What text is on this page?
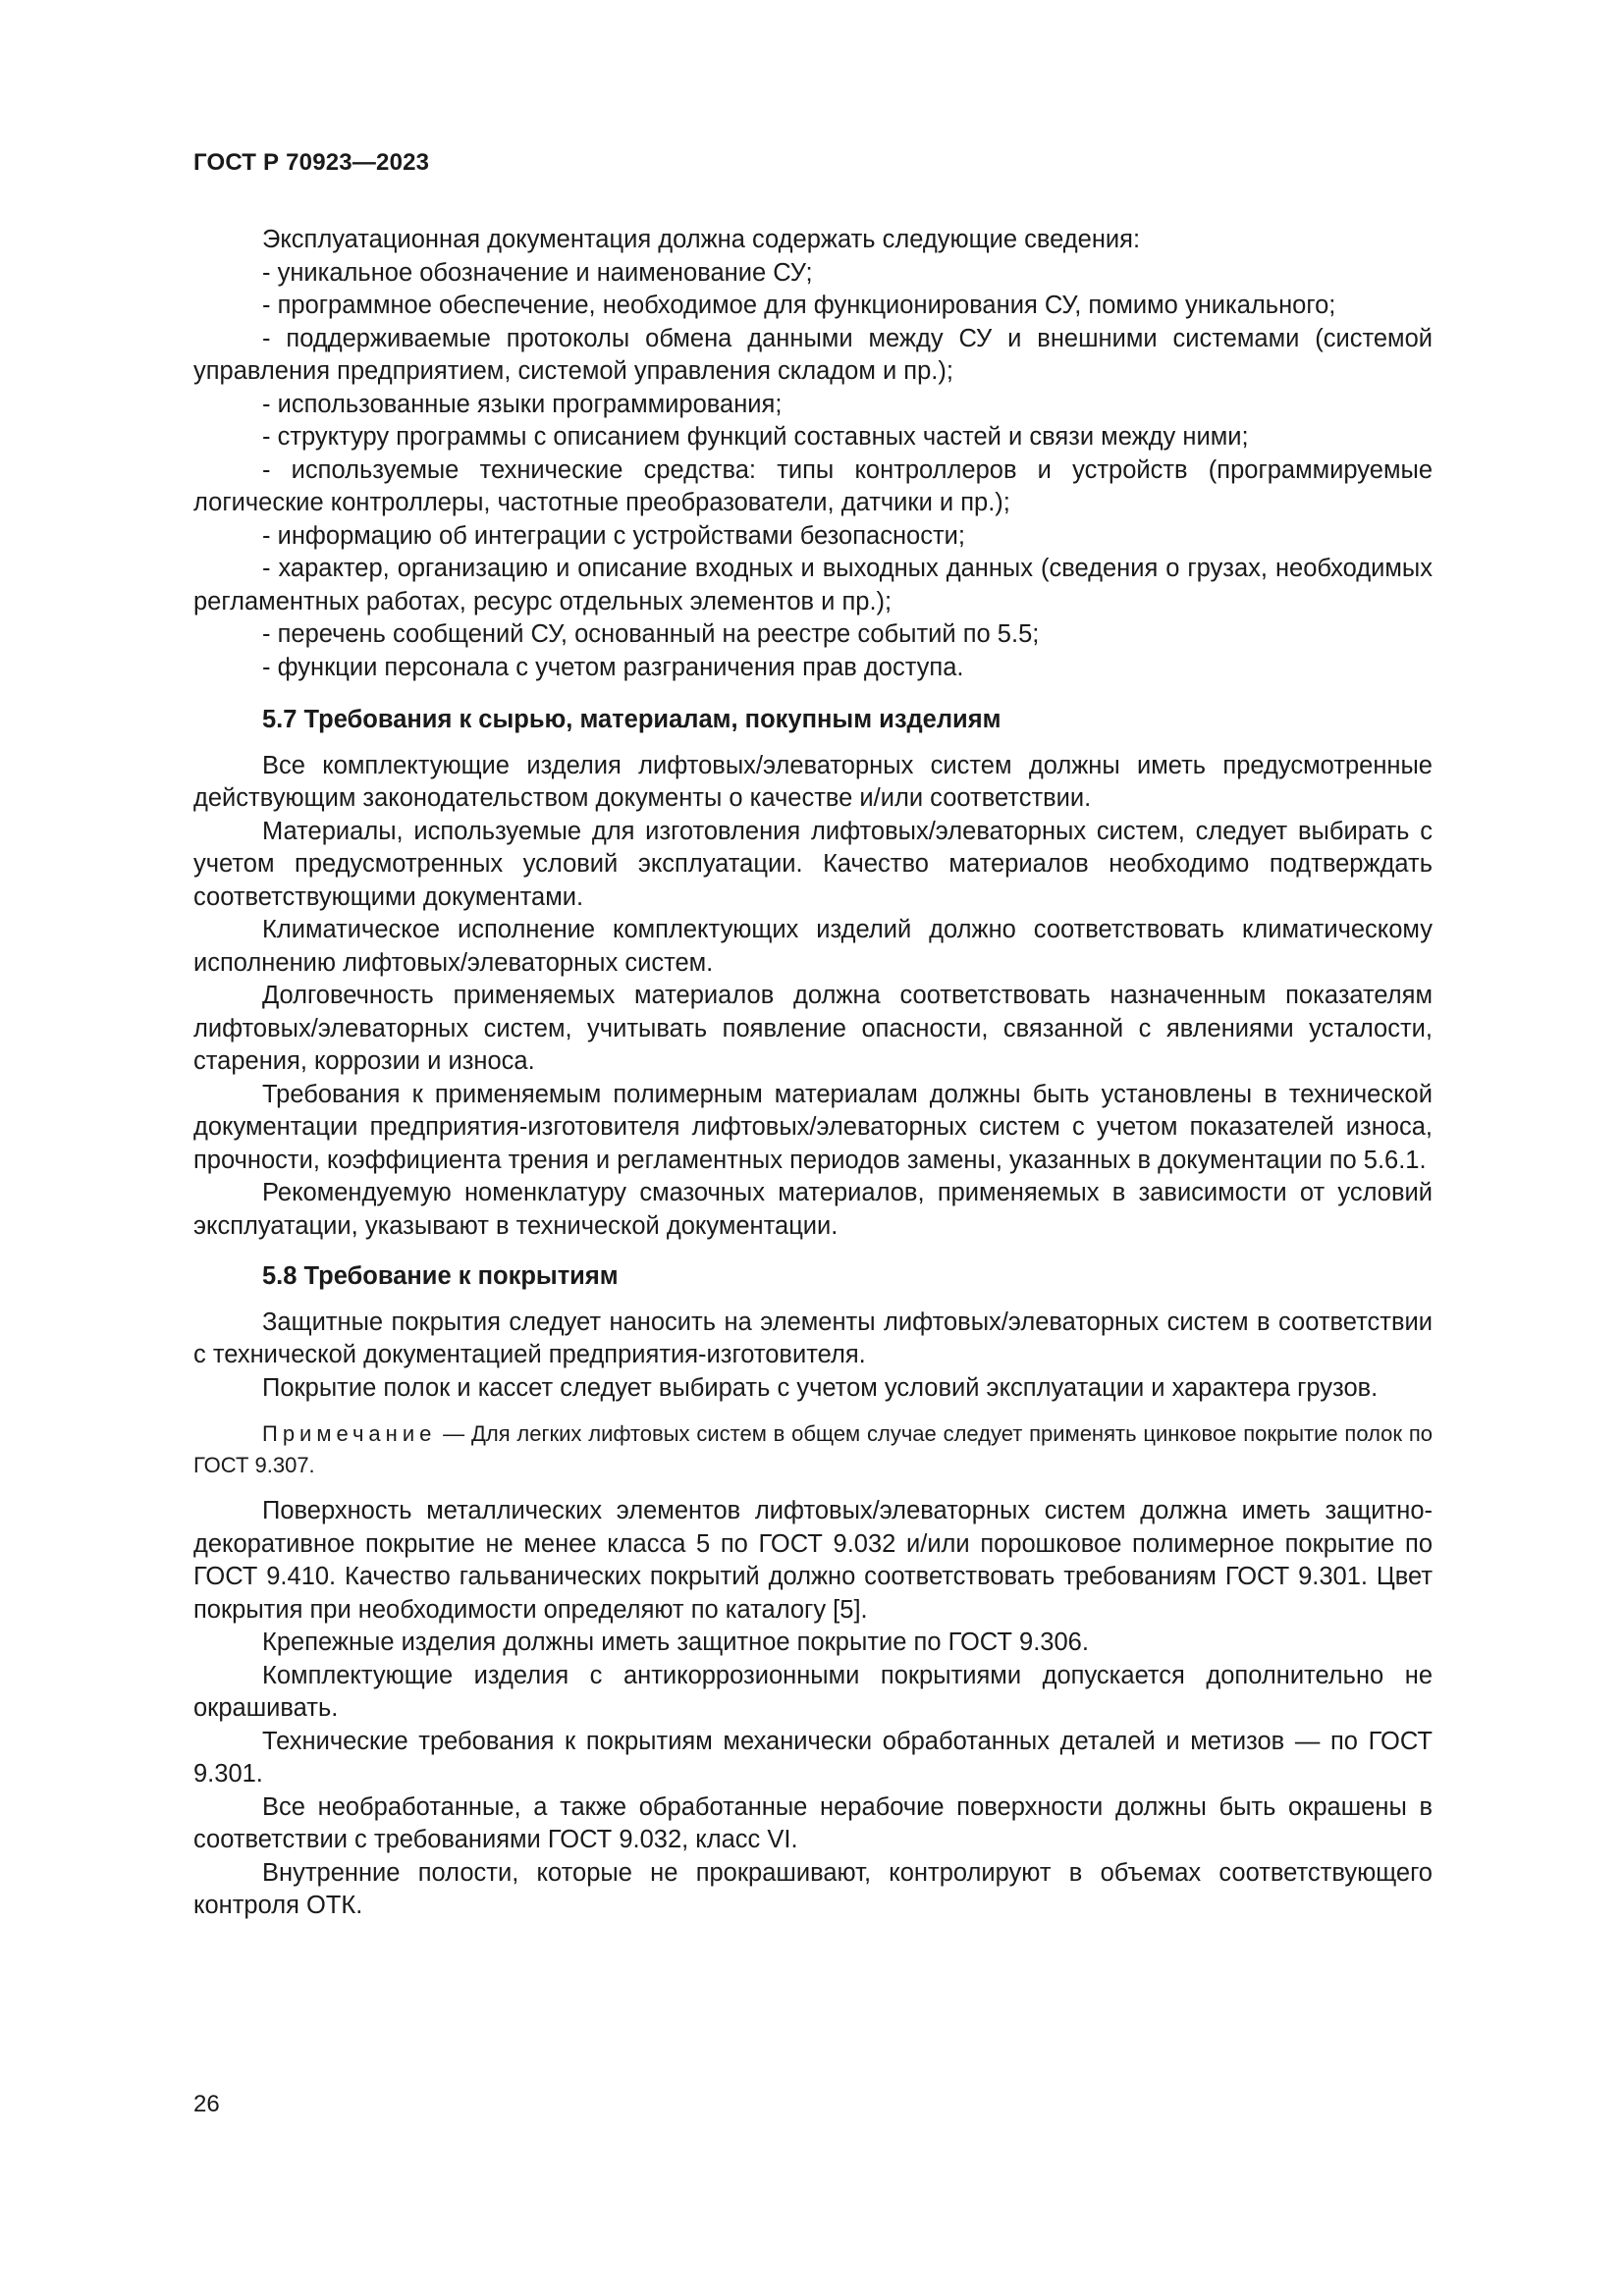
ГОСТ Р 70923—2023

Эксплуатационная документация должна содержать следующие сведения:

- уникальное обозначение и наименование СУ;

- программное обеспечение, необходимое для функционирования СУ, помимо уникального;

- поддерживаемые протоколы обмена данными между СУ и внешними системами (системой управления предприятием, системой управления складом и пр.);

- использованные языки программирования;

- структуру программы с описанием функций составных частей и связи между ними;

- используемые технические средства: типы контроллеров и устройств (программируемые логические контроллеры, частотные преобразователи, датчики и пр.);

- информацию об интеграции с устройствами безопасности;

- характер, организацию и описание входных и выходных данных (сведения о грузах, необходимых регламентных работах, ресурс отдельных элементов и пр.);

- перечень сообщений СУ, основанный на реестре событий по 5.5;

- функции персонала с учетом разграничения прав доступа.

5.7 Требования к сырью, материалам, покупным изделиям

Все комплектующие изделия лифтовых/элеваторных систем должны иметь предусмотренные действующим законодательством документы о качестве и/или соответствии.

Материалы, используемые для изготовления лифтовых/элеваторных систем, следует выбирать с учетом предусмотренных условий эксплуатации. Качество материалов необходимо подтверждать соответствующими документами.

Климатическое исполнение комплектующих изделий должно соответствовать климатическому исполнению лифтовых/элеваторных систем.

Долговечность применяемых материалов должна соответствовать назначенным показателям лифтовых/элеваторных систем, учитывать появление опасности, связанной с явлениями усталости, старения, коррозии и износа.

Требования к применяемым полимерным материалам должны быть установлены в технической документации предприятия-изготовителя лифтовых/элеваторных систем с учетом показателей износа, прочности, коэффициента трения и регламентных периодов замены, указанных в документации по 5.6.1.

Рекомендуемую номенклатуру смазочных материалов, применяемых в зависимости от условий эксплуатации, указывают в технической документации.

5.8 Требование к покрытиям

Защитные покрытия следует наносить на элементы лифтовых/элеваторных систем в соответствии с технической документацией предприятия-изготовителя.

Покрытие полок и кассет следует выбирать с учетом условий эксплуатации и характера грузов.

Примечание — Для легких лифтовых систем в общем случае следует применять цинковое покрытие полок по ГОСТ 9.307.

Поверхность металлических элементов лифтовых/элеваторных систем должна иметь защитно-декоративное покрытие не менее класса 5 по ГОСТ 9.032 и/или порошковое полимерное покрытие по ГОСТ 9.410. Качество гальванических покрытий должно соответствовать требованиям ГОСТ 9.301. Цвет покрытия при необходимости определяют по каталогу [5].

Крепежные изделия должны иметь защитное покрытие по ГОСТ 9.306.

Комплектующие изделия с антикоррозионными покрытиями допускается дополнительно не окрашивать.

Технические требования к покрытиям механически обработанных деталей и метизов — по ГОСТ 9.301.

Все необработанные, а также обработанные нерабочие поверхности должны быть окрашены в соответствии с требованиями ГОСТ 9.032, класс VI.

Внутренние полости, которые не прокрашивают, контролируют в объемах соответствующего контроля ОТК.

26
